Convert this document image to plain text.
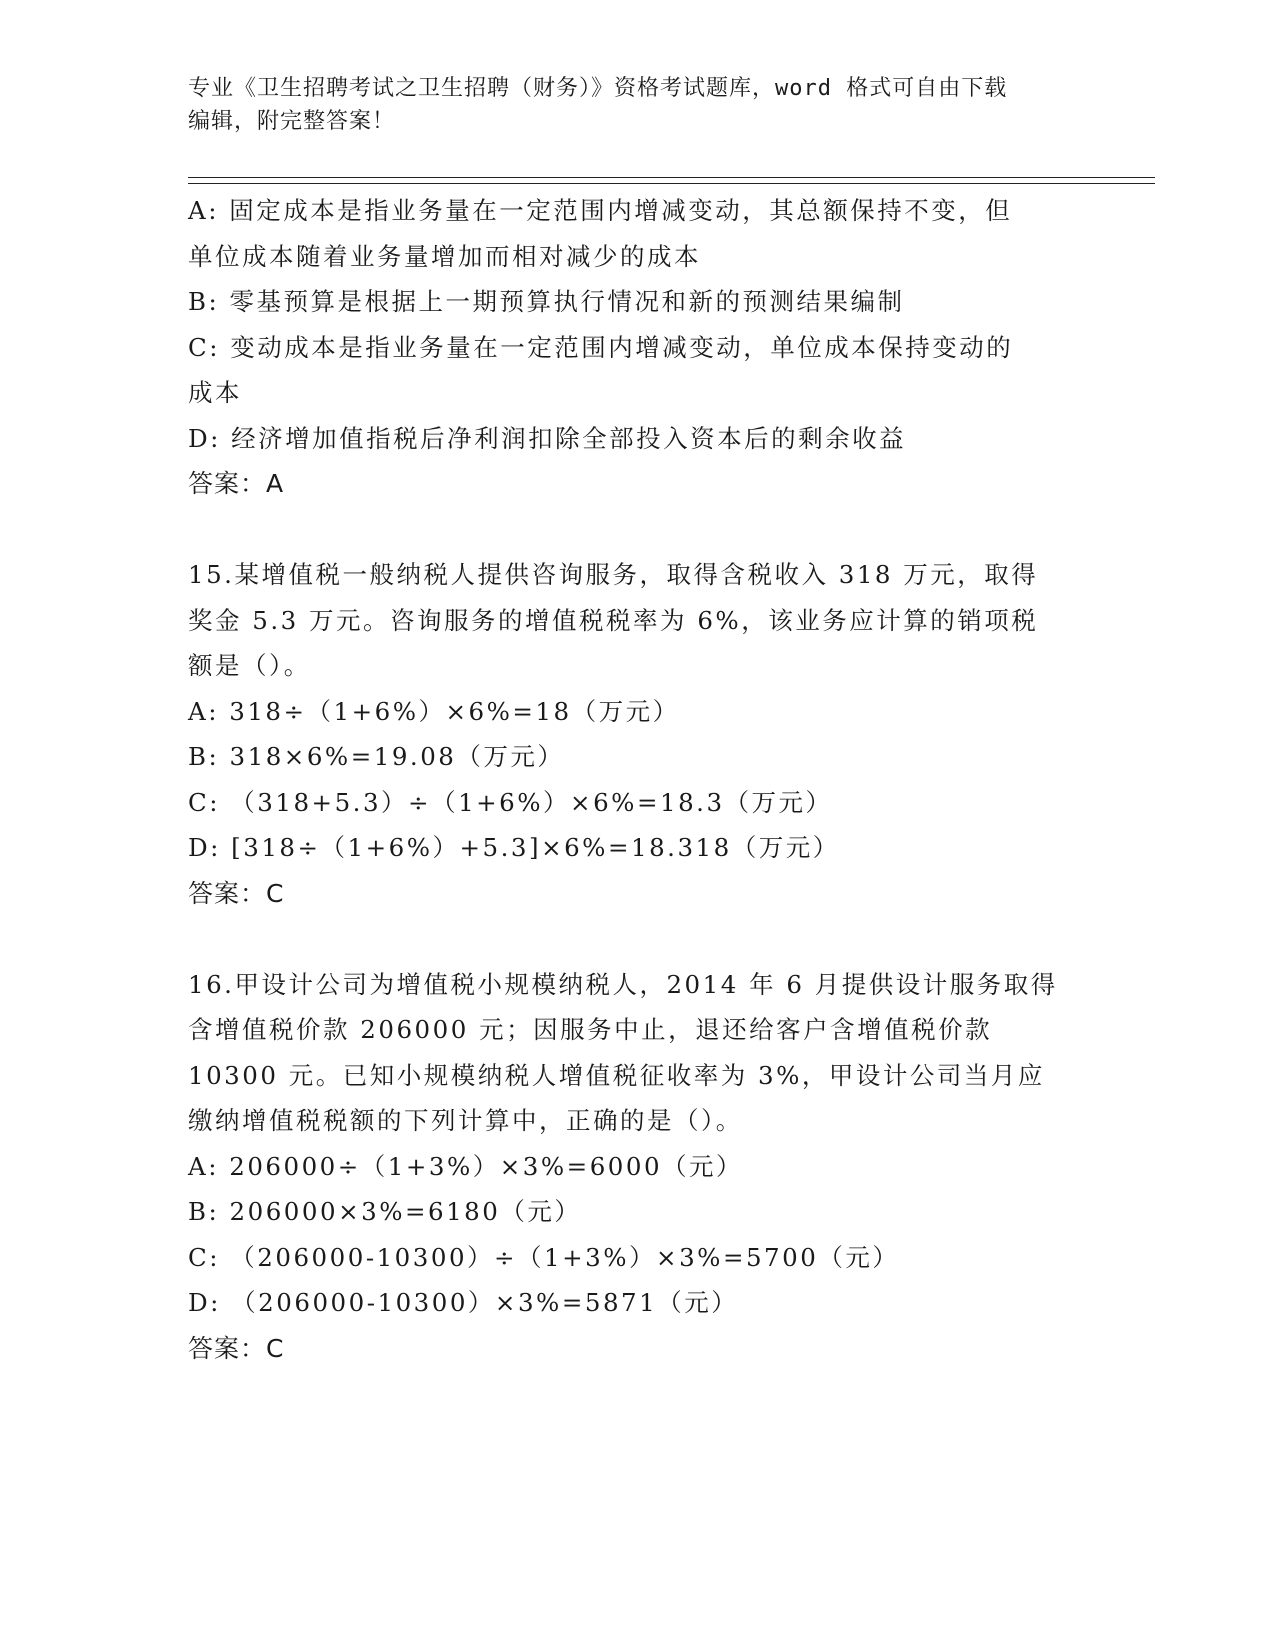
专业《卫生招聘考试之卫生招聘（财务）》资格考试题库，word 格式可自由下载
编辑，附完整答案！
A: 固定成本是指业务量在一定范围内增减变动，其总额保持不变，但
单位成本随着业务量增加而相对减少的成本
B: 零基预算是根据上一期预算执行情况和新的预测结果编制
C: 变动成本是指业务量在一定范围内增减变动，单位成本保持变动的
成本
D: 经济增加值指税后净利润扣除全部投入资本后的剩余收益
答案：A
15.某增值税一般纳税人提供咨询服务，取得含税收入 318 万元，取得
奖金 5.3 万元。咨询服务的增值税税率为 6%，该业务应计算的销项税
额是（）。
A: 318÷（1+6%）×6%=18（万元）
B: 318×6%=19.08（万元）
C: （318+5.3）÷（1+6%）×6%=18.3（万元）
D: [318÷（1+6%）+5.3]×6%=18.318（万元）
答案：C
16.甲设计公司为增值税小规模纳税人，2014 年 6 月提供设计服务取得
含增值税价款 206000 元；因服务中止，退还给客户含增值税价款
10300 元。已知小规模纳税人增值税征收率为 3%，甲设计公司当月应
缴纳增值税税额的下列计算中，正确的是（）。
A: 206000÷（1+3%）×3%=6000（元）
B: 206000×3%=6180（元）
C: （206000-10300）÷（1+3%）×3%=5700（元）
D: （206000-10300）×3%=5871（元）
答案：C
